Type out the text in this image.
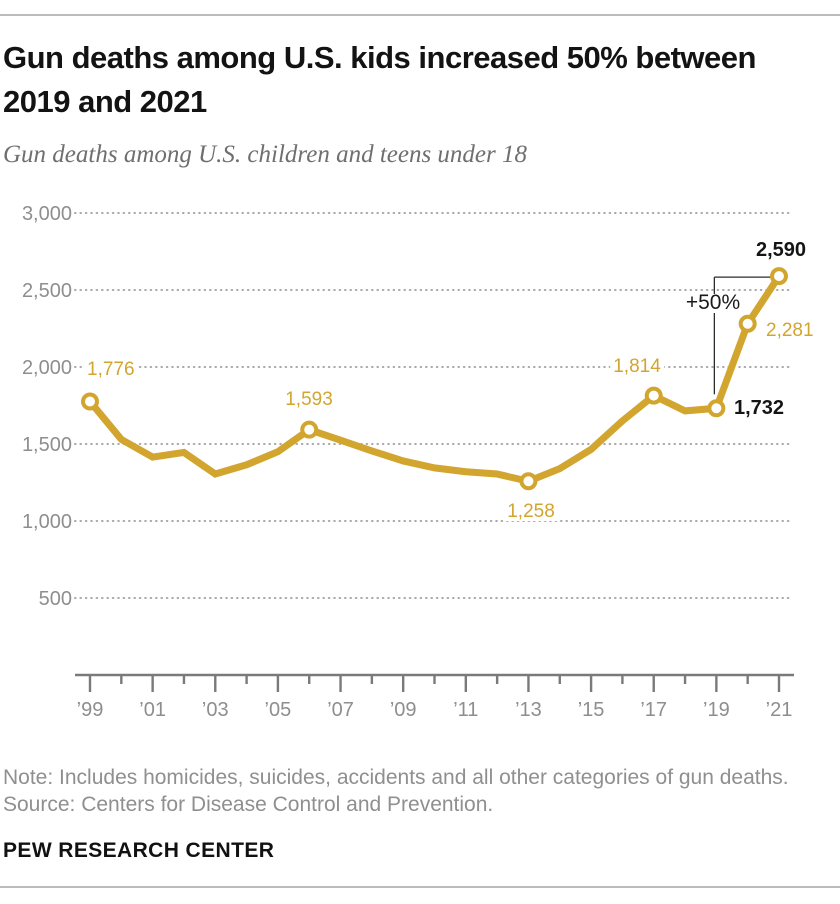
Gun deaths among U.S. kids increased 50% between
2019 and 2021
Gun deaths among U.S. children and teens under 18
500
1,000
1,500
2,000
2,500
3,000
’99 ’01 ’03 ’05 ’07 ’09 ’11 ’13 ’15 ’17 ’19 ’21
1,776
1,593
1,258
1,814
1,732
2,281
2,590
+50%
Note: Includes homicides, suicides, accidents and all other categories of gun deaths.
Source: Centers for Disease Control and Prevention.
PEW RESEARCH CENTER
